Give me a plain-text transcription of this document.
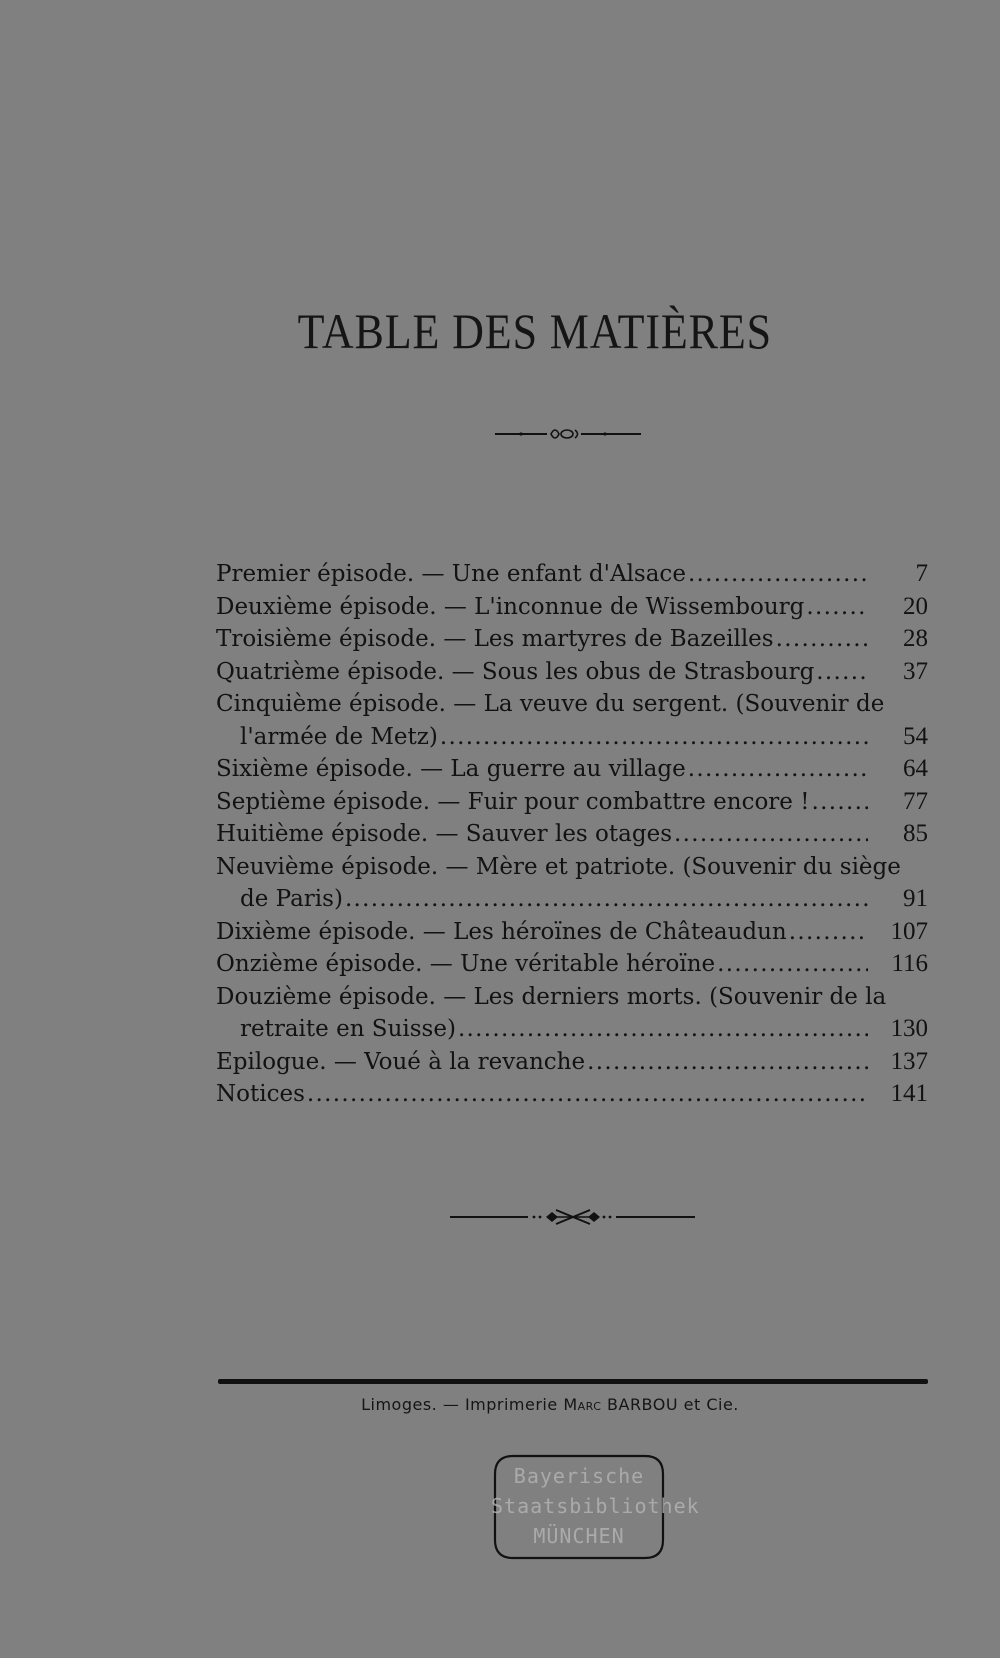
TABLE DES MATIÈRES
Premier épisode. — Une enfant d'Alsace . . .	7
Deuxième épisode. — L'inconnue de Wissembourg . . .	20
Troisième épisode. — Les martyres de Bazeilles . . .	28
Quatrième épisode. — Sous les obus de Strasbourg . . .	37
Cinquième épisode. — La veuve du sergent. (Souvenir de
l'armée de Metz) . . .	54
Sixième épisode. — La guerre au village . . .	64
Septième épisode. — Fuir pour combattre encore ! . . .	77
Huitième épisode. — Sauver les otages . . .	85
Neuvième épisode. — Mère et patriote. (Souvenir du siège
de Paris) . . .	91
Dixième épisode. — Les héroïnes de Châteaudun . . .	107
Onzième épisode. — Une véritable héroïne . . .	116
Douzième épisode. — Les derniers morts. (Souvenir de la
retraite en Suisse) . . .	130
Epilogue. — Voué à la revanche . . .	137
Notices . . .	141
Limoges. — Imprimerie Marc BARBOU et Cie.
Bayerische
Staatsbibliothek
MÜNCHEN
